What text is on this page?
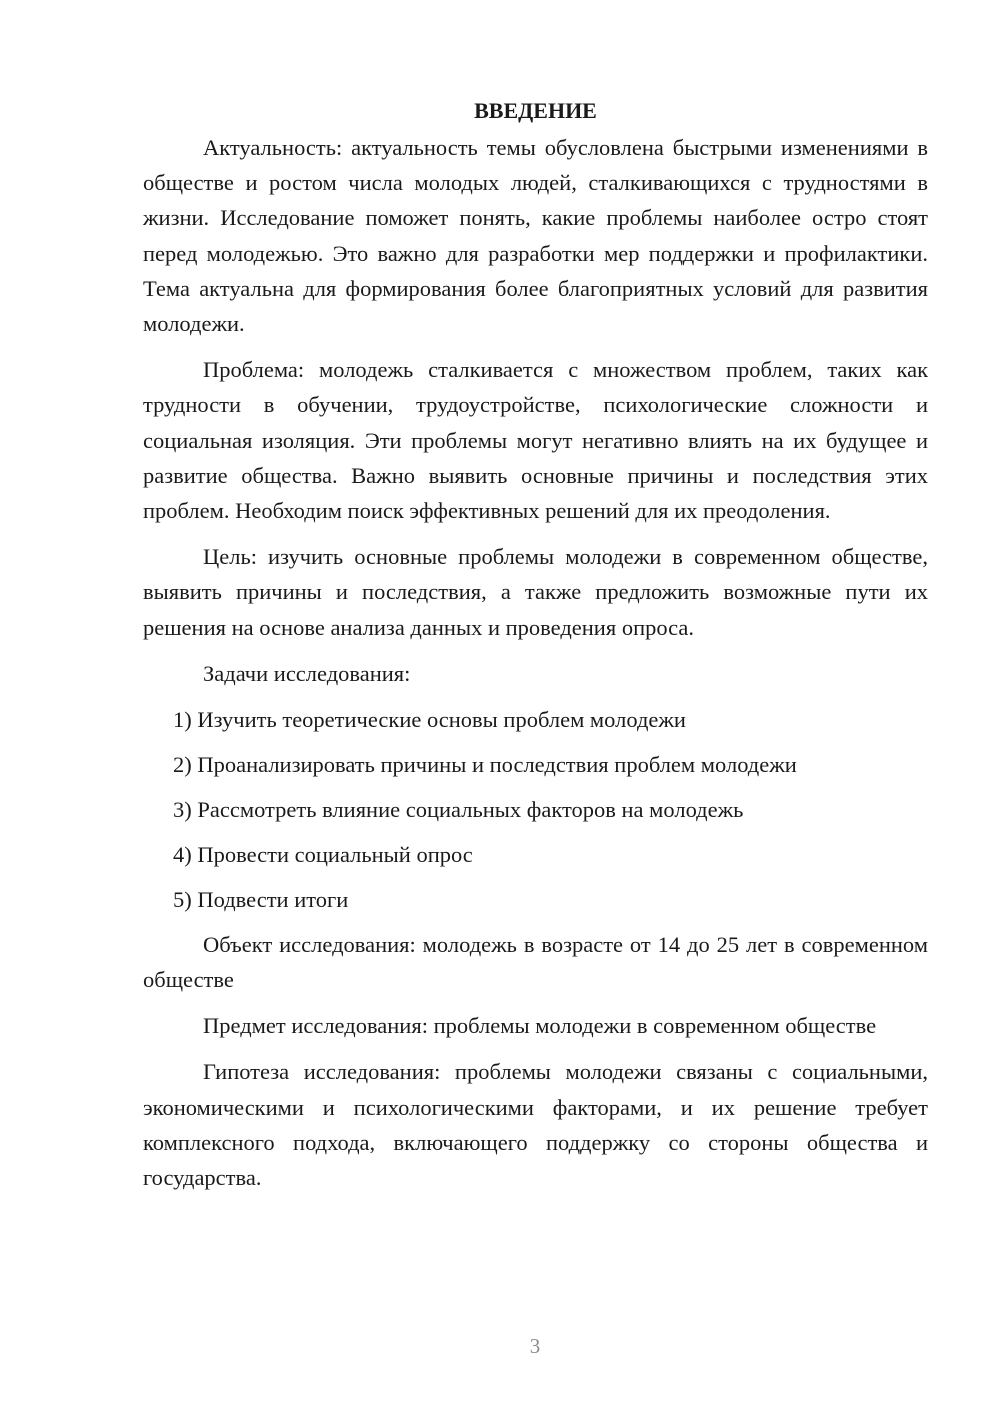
ВВЕДЕНИЕ

Актуальность: актуальность темы обусловлена быстрыми изменениями в обществе и ростом числа молодых людей, сталкивающихся с трудностями в жизни. Исследование поможет понять, какие проблемы наиболее остро стоят перед молодежью. Это важно для разработки мер поддержки и профилактики. Тема актуальна для формирования более благоприятных условий для развития молодежи.

Проблема: молодежь сталкивается с множеством проблем, таких как трудности в обучении, трудоустройстве, психологические сложности и социальная изоляция. Эти проблемы могут негативно влиять на их будущее и развитие общества. Важно выявить основные причины и последствия этих проблем. Необходим поиск эффективных решений для их преодоления.

Цель: изучить основные проблемы молодежи в современном обществе, выявить причины и последствия, а также предложить возможные пути их решения на основе анализа данных и проведения опроса.

Задачи исследования:
1) Изучить теоретические основы проблем молодежи
2) Проанализировать причины и последствия проблем молодежи
3) Рассмотреть влияние социальных факторов на молодежь
4) Провести социальный опрос
5) Подвести итоги

Объект исследования: молодежь в возрасте от 14 до 25 лет в современном обществе

Предмет исследования: проблемы молодежи в современном обществе

Гипотеза исследования: проблемы молодежи связаны с социальными, экономическими и психологическими факторами, и их решение требует комплексного подхода, включающего поддержку со стороны общества и государства.

3
